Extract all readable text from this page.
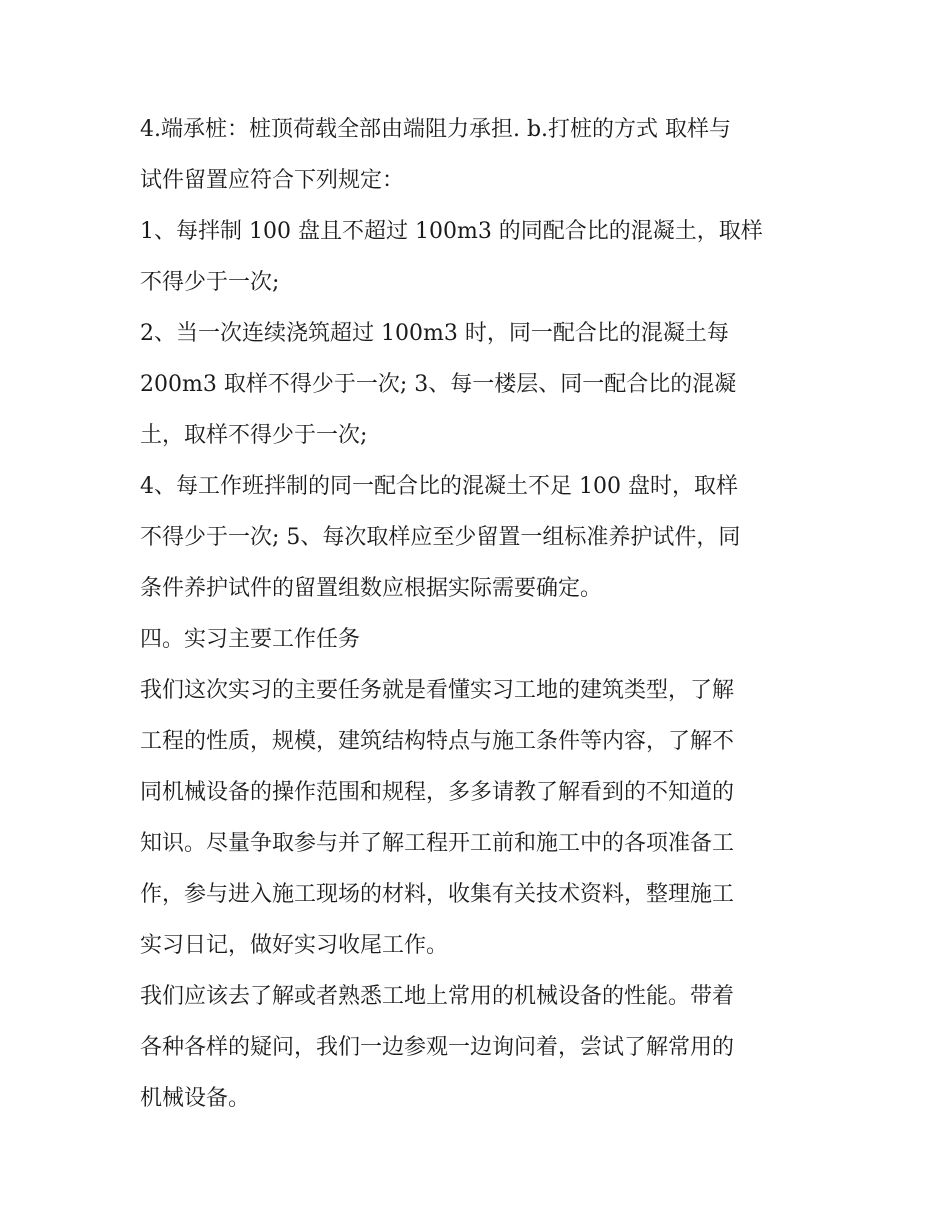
4.端承桩：桩顶荷载全部由端阻力承担. b.打桩的方式 取样与
试件留置应符合下列规定：

1、每拌制 100 盘且不超过 100m3 的同配合比的混凝土，取样
不得少于一次;

2、当一次连续浇筑超过 100m3 时，同一配合比的混凝土每
200m3 取样不得少于一次; 3、每一楼层、同一配合比的混凝
土，取样不得少于一次;

4、每工作班拌制的同一配合比的混凝土不足 100 盘时，取样
不得少于一次; 5、每次取样应至少留置一组标准养护试件，同
条件养护试件的留置组数应根据实际需要确定。

四。实习主要工作任务

我们这次实习的主要任务就是看懂实习工地的建筑类型，了解
工程的性质，规模，建筑结构特点与施工条件等内容，了解不
同机械设备的操作范围和规程，多多请教了解看到的不知道的
知识。尽量争取参与并了解工程开工前和施工中的各项准备工
作，参与进入施工现场的材料，收集有关技术资料，整理施工
实习日记，做好实习收尾工作。

我们应该去了解或者熟悉工地上常用的机械设备的性能。带着
各种各样的疑问，我们一边参观一边询问着，尝试了解常用的
机械设备。
